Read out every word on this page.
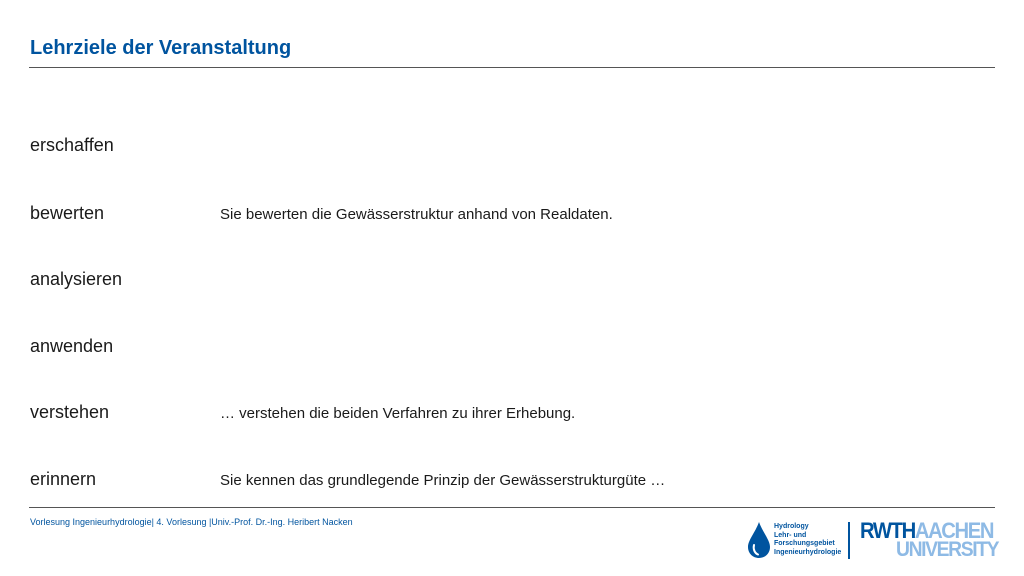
Lehrziele der Veranstaltung
erschaffen
bewerten	Sie bewerten die Gewässerstruktur anhand von Realdaten.
analysieren
anwenden
verstehen	… verstehen die beiden Verfahren zu ihrer Erhebung.
erinnern	Sie kennen das grundlegende Prinzip der Gewässerstrukturgüte …
Vorlesung Ingenieurhydrologie| 4. Vorlesung |Univ.-Prof. Dr.-Ing. Heribert Nacken	Hydrology
Lehr- und
Forschungsgebiet
Ingenieurhydrologie
RWTHAACHEN
UNIVERSITY
